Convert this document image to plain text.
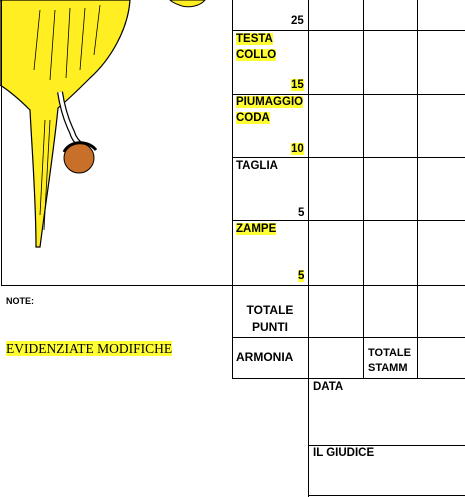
25
TESTA
COLLO
15
PIUMAGGIO
CODA
10
TAGLIA
5
ZAMPE
5
NOTE:
EVIDENZIATE MODIFICHE
TOTALE
PUNTI
ARMONIA	TOTALE
STAMM
DATA
IL GIUDICE
